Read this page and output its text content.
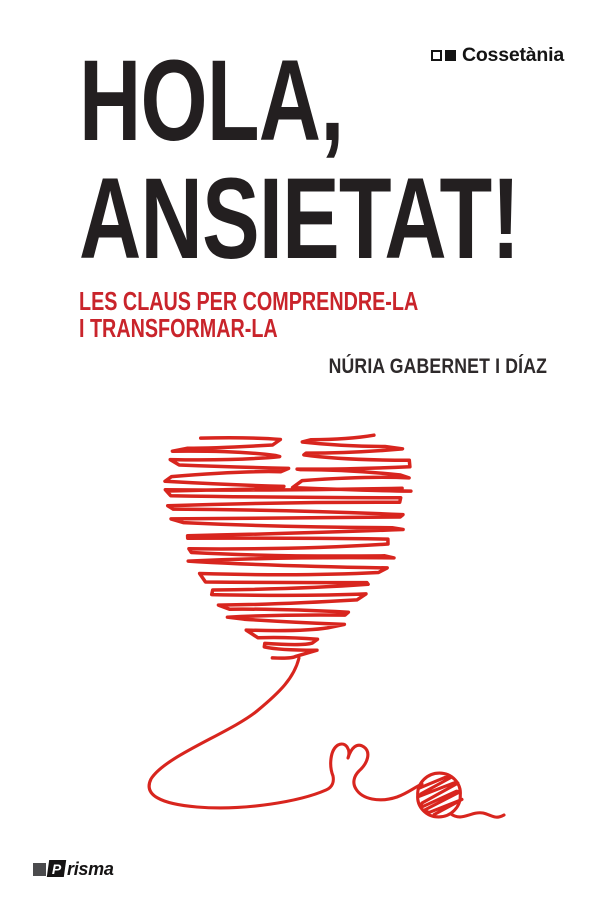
Cossetània
HOLA,
ANSIETAT!
LES CLAUS PER COMPRENDRE-LA
I TRANSFORMAR-LA
NÚRIA GABERNET I DÍAZ
P risma
